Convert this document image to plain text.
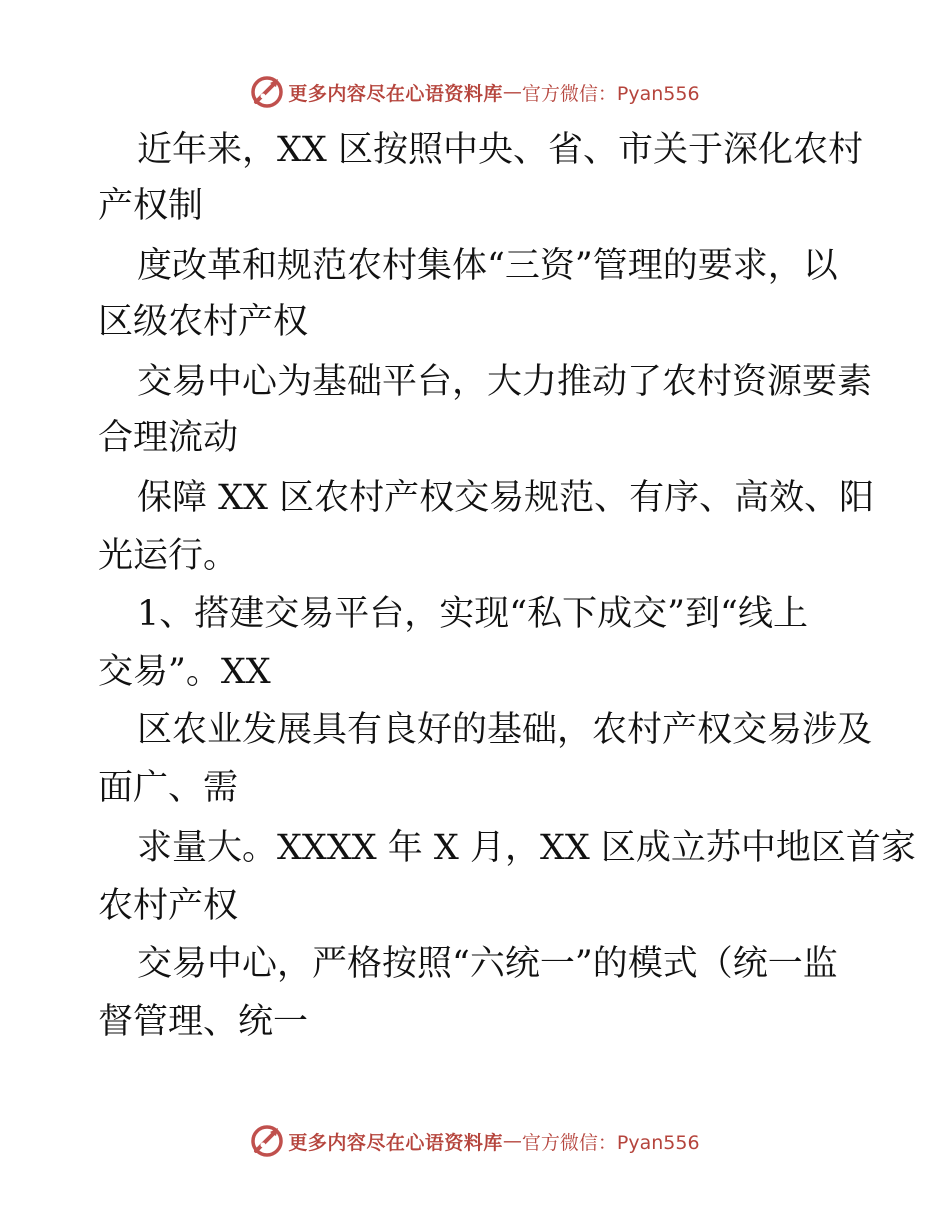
更多内容尽在心语资料库 — 官方微信：Pyan556
近年来，XX 区按照中央、省、市关于深化农村
产权制
度改革和规范农村集体“三资”管理的要求，以
区级农村产权
交易中心为基础平台，大力推动了农村资源要素
合理流动
保障 XX 区农村产权交易规范、有序、高效、阳
光运行。
1、搭建交易平台，实现“私下成交”到“线上
交易”。XX
区农业发展具有良好的基础，农村产权交易涉及
面广、需
求量大。XXXX 年 X 月，XX 区成立苏中地区首家
农村产权
交易中心，严格按照“六统一”的模式（统一监
督管理、统一
更多内容尽在心语资料库 — 官方微信：Pyan556
